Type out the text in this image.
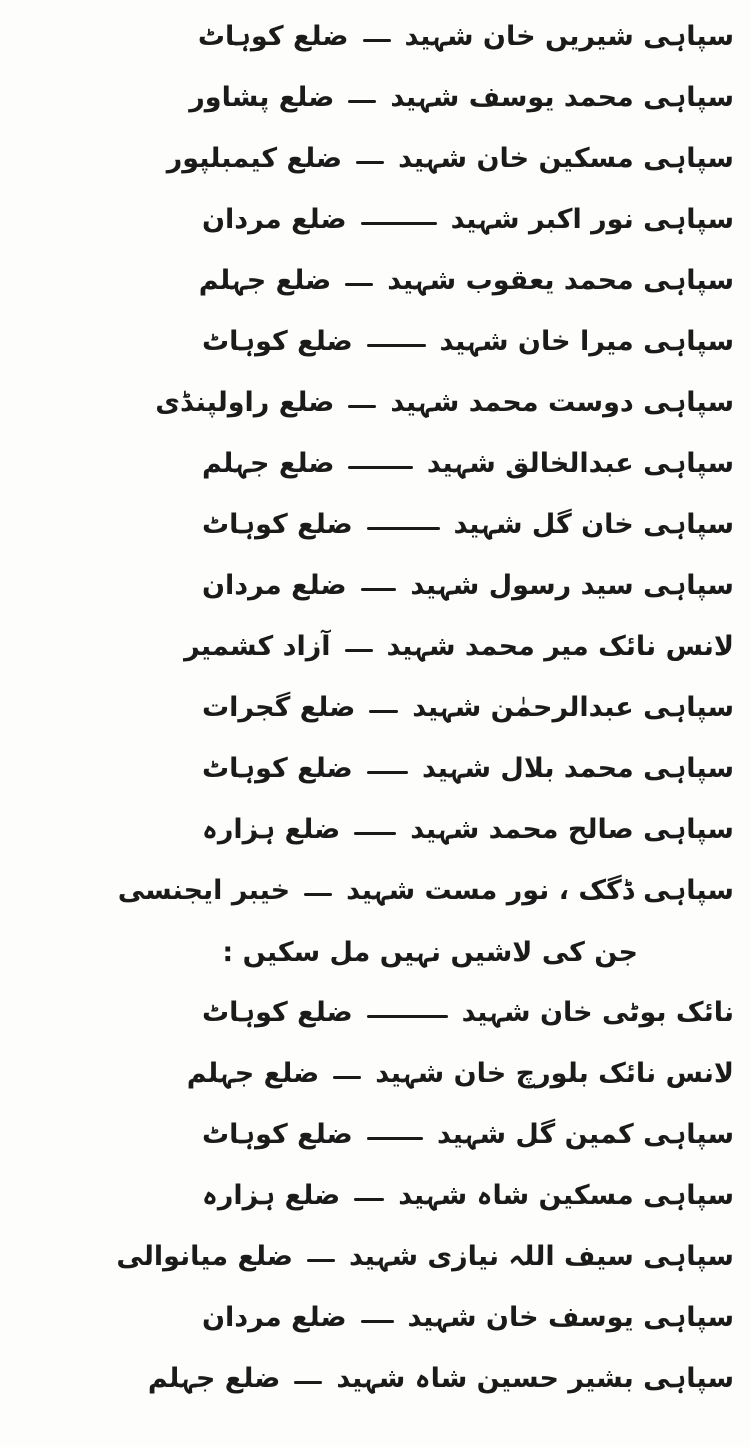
سپاہی شیریں خان شہید
ضلع کوہاٹ
سپاہی محمد یوسف شہید
ضلع پشاور
سپاہی مسکین خان شہید
ضلع کیمبلپور
سپاہی نور اکبر شہید
ضلع مردان
سپاہی محمد یعقوب شہید
ضلع جہلم
سپاہی میرا خان شہید
ضلع کوہاٹ
سپاہی دوست محمد شہید
ضلع راولپنڈی
سپاہی عبدالخالق شہید
ضلع جہلم
سپاہی خان گل شہید
ضلع کوہاٹ
سپاہی سید رسول شہید
ضلع مردان
لانس نائک میر محمد شہید
آزاد کشمیر
سپاہی عبدالرحمٰن شہید
ضلع گجرات
سپاہی محمد بلال شہید
ضلع کوہاٹ
سپاہی صالح محمد شہید
ضلع ہزارہ
سپاہی ڈگک ، نور مست شہید
خیبر ایجنسی
جن کی لاشیں نہیں مل سکیں :
نائک بوٹی خان شہید
ضلع کوہاٹ
لانس نائک بلورچ خان شہید
ضلع جہلم
سپاہی کمین گل شہید
ضلع کوہاٹ
سپاہی مسکین شاہ شہید
ضلع ہزارہ
سپاہی سیف اللہ نیازی شہید
ضلع میانوالی
سپاہی یوسف خان شہید
ضلع مردان
سپاہی بشیر حسین شاہ شہید
ضلع جہلم
